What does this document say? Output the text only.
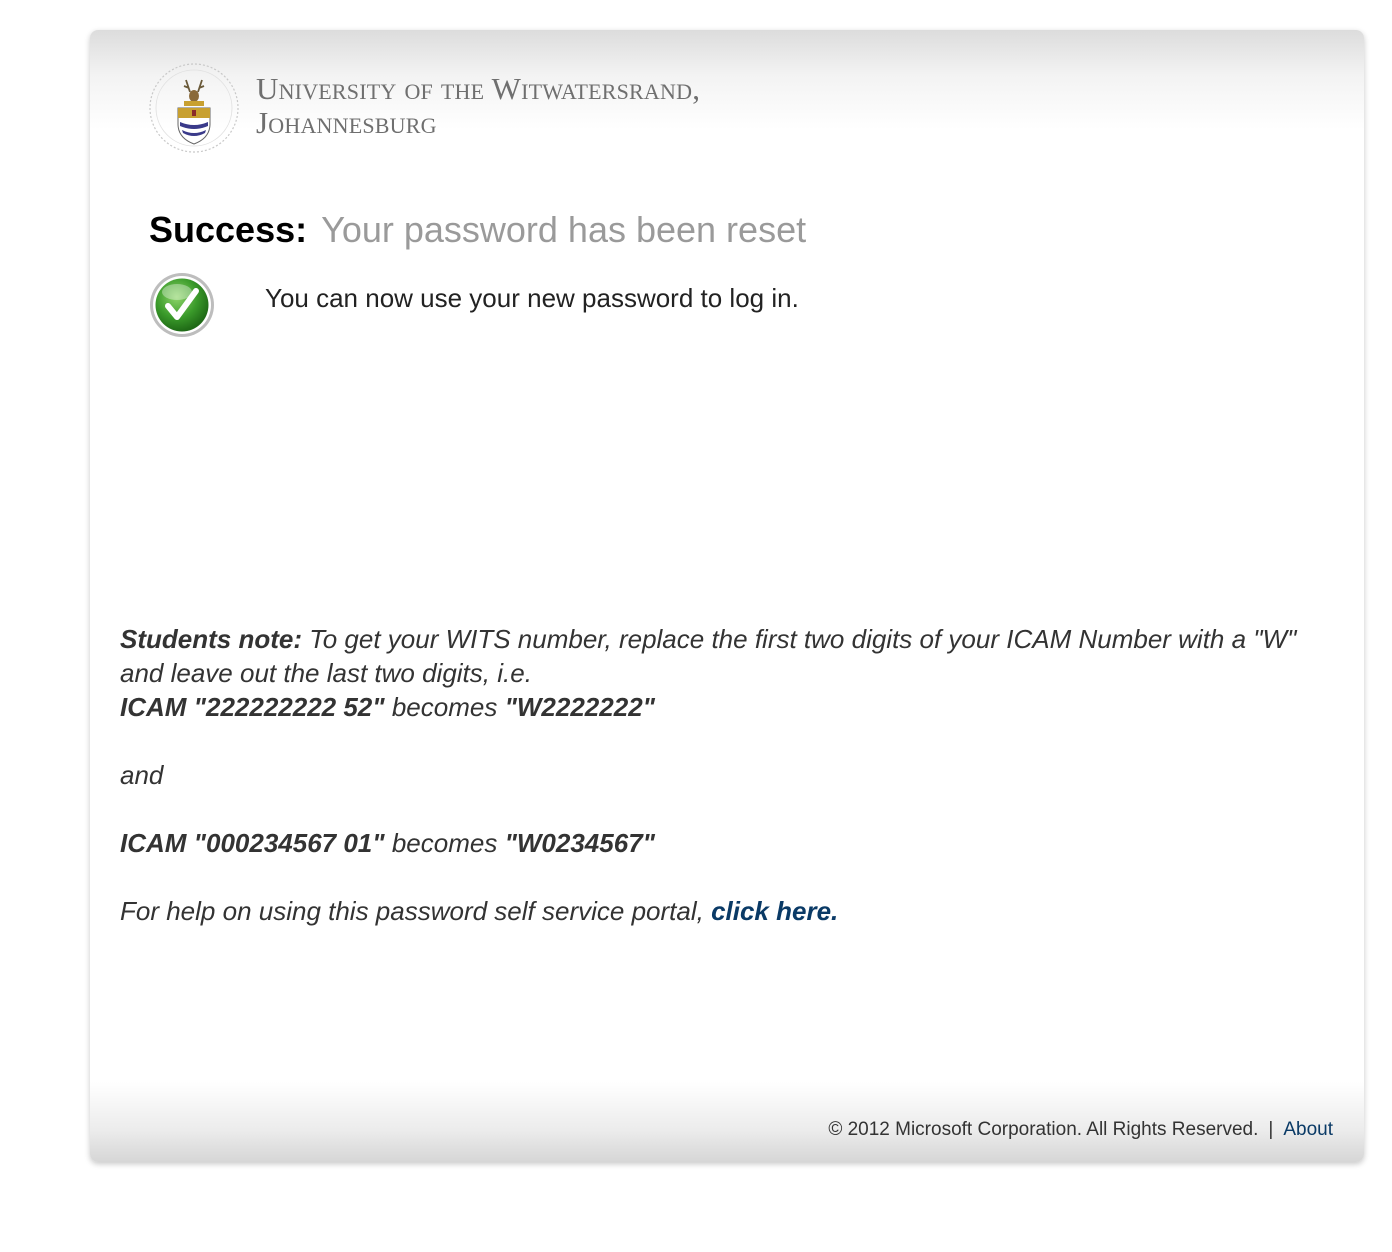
University of the Witwatersrand,
Johannesburg
Success: Your password has been reset
You can now use your new password to log in.

Students note: To get your WITS number, replace the first two digits of your ICAM Number with a "W" and leave out the last two digits, i.e.

ICAM "222222222 52" becomes "W2222222"

and

ICAM "000234567 01" becomes "W0234567"

For help on using this password self service portal, click here.

© 2012 Microsoft Corporation. All Rights Reserved. | About
